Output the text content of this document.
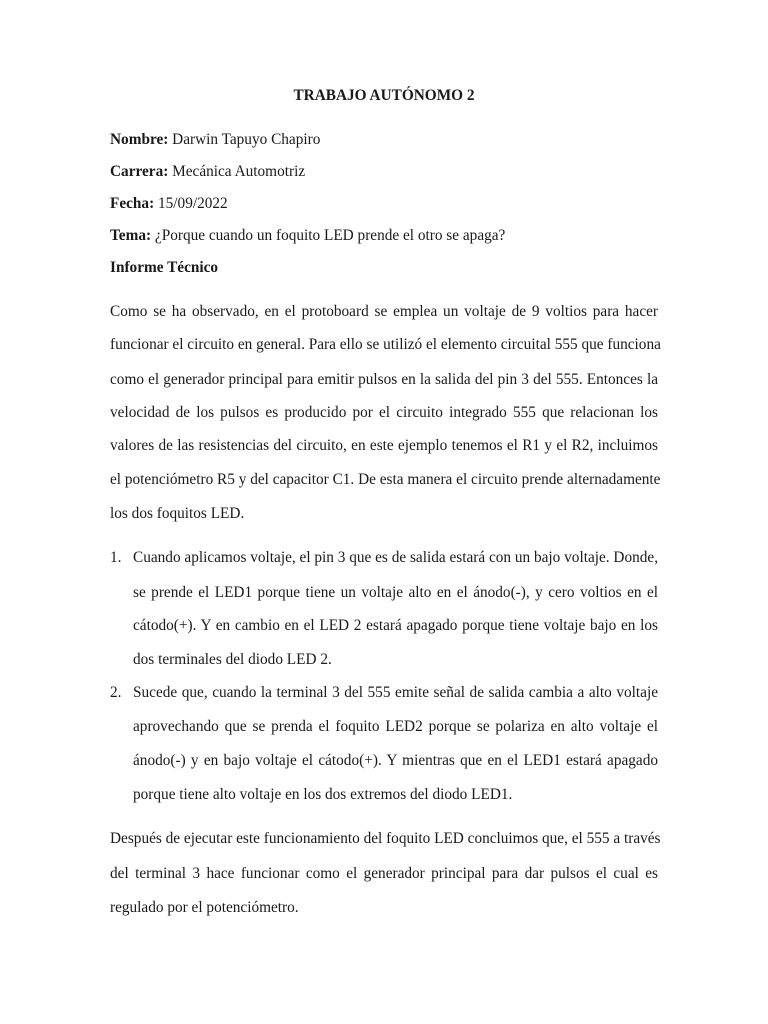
TRABAJO AUTÓNOMO 2

Nombre: Darwin Tapuyo Chapiro

Carrera: Mecánica Automotriz

Fecha: 15/09/2022

Tema: ¿Porque cuando un foquito LED prende el otro se apaga?

Informe Técnico

Como se ha observado, en el protoboard se emplea un voltaje de 9 voltios para hacer

funcionar el circuito en general. Para ello se utilizó el elemento circuital 555 que funciona

como el generador principal para emitir pulsos en la salida del pin 3 del 555. Entonces la

velocidad de los pulsos es producido por el circuito integrado 555 que relacionan los

valores de las resistencias del circuito, en este ejemplo tenemos el R1 y el R2, incluimos

el potenciómetro R5 y del capacitor C1. De esta manera el circuito prende alternadamente

los dos foquitos LED.

1. Cuando aplicamos voltaje, el pin 3 que es de salida estará con un bajo voltaje. Donde,

se prende el LED1 porque tiene un voltaje alto en el ánodo(-), y cero voltios en el

cátodo(+). Y en cambio en el LED 2 estará apagado porque tiene voltaje bajo en los

dos terminales del diodo LED 2.

2. Sucede que, cuando la terminal 3 del 555 emite señal de salida cambia a alto voltaje

aprovechando que se prenda el foquito LED2 porque se polariza en alto voltaje el

ánodo(-) y en bajo voltaje el cátodo(+). Y mientras que en el LED1 estará apagado

porque tiene alto voltaje en los dos extremos del diodo LED1.

Después de ejecutar este funcionamiento del foquito LED concluimos que, el 555 a través

del terminal 3 hace funcionar como el generador principal para dar pulsos el cual es

regulado por el potenciómetro.
